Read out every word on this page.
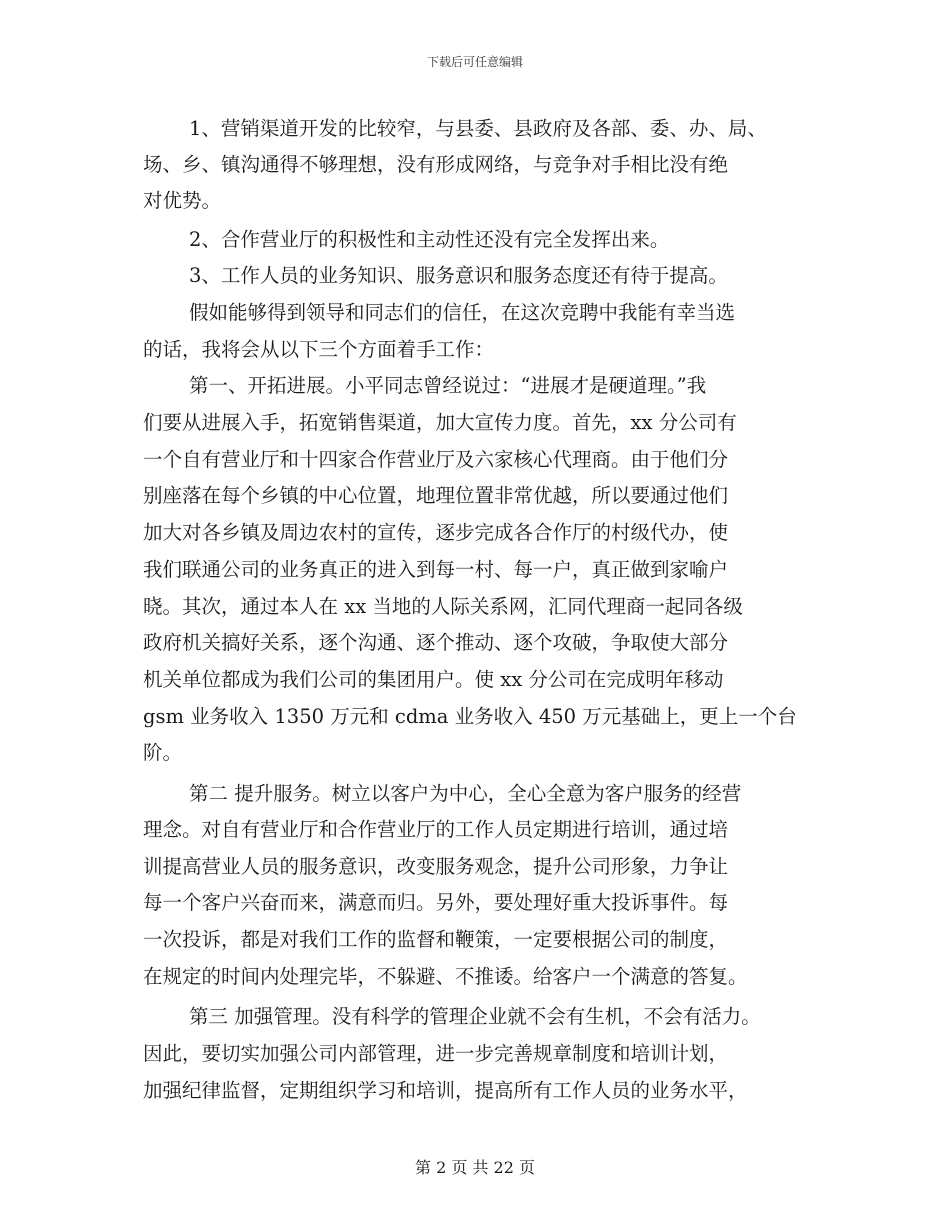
下载后可任意编辑
1、营销渠道开发的比较窄，与县委、县政府及各部、委、办、局、
场、乡、镇沟通得不够理想，没有形成网络，与竞争对手相比没有绝
对优势。
2、合作营业厅的积极性和主动性还没有完全发挥出来。
3、工作人员的业务知识、服务意识和服务态度还有待于提高。
假如能够得到领导和同志们的信任，在这次竞聘中我能有幸当选
的话，我将会从以下三个方面着手工作：
第一、开拓进展。小平同志曾经说过：“进展才是硬道理。”我
们要从进展入手，拓宽销售渠道，加大宣传力度。首先，xx 分公司有
一个自有营业厅和十四家合作营业厅及六家核心代理商。由于他们分
别座落在每个乡镇的中心位置，地理位置非常优越，所以要通过他们
加大对各乡镇及周边农村的宣传，逐步完成各合作厅的村级代办，使
我们联通公司的业务真正的进入到每一村、每一户，真正做到家喻户
晓。其次，通过本人在 xx 当地的人际关系网，汇同代理商一起同各级
政府机关搞好关系，逐个沟通、逐个推动、逐个攻破，争取使大部分
机关单位都成为我们公司的集团用户。使 xx 分公司在完成明年移动
gsm 业务收入 1350 万元和 cdma 业务收入 450 万元基础上，更上一个台
阶。
第二 提升服务。树立以客户为中心，全心全意为客户服务的经营
理念。对自有营业厅和合作营业厅的工作人员定期进行培训，通过培
训提高营业人员的服务意识，改变服务观念，提升公司形象，力争让
每一个客户兴奋而来，满意而归。另外，要处理好重大投诉事件。每
一次投诉，都是对我们工作的监督和鞭策，一定要根据公司的制度，
在规定的时间内处理完毕，不躲避、不推诿。给客户一个满意的答复。
第三 加强管理。没有科学的管理企业就不会有生机，不会有活力。
因此，要切实加强公司内部管理，进一步完善规章制度和培训计划，
加强纪律监督，定期组织学习和培训，提高所有工作人员的业务水平，
第 2 页 共 22 页
